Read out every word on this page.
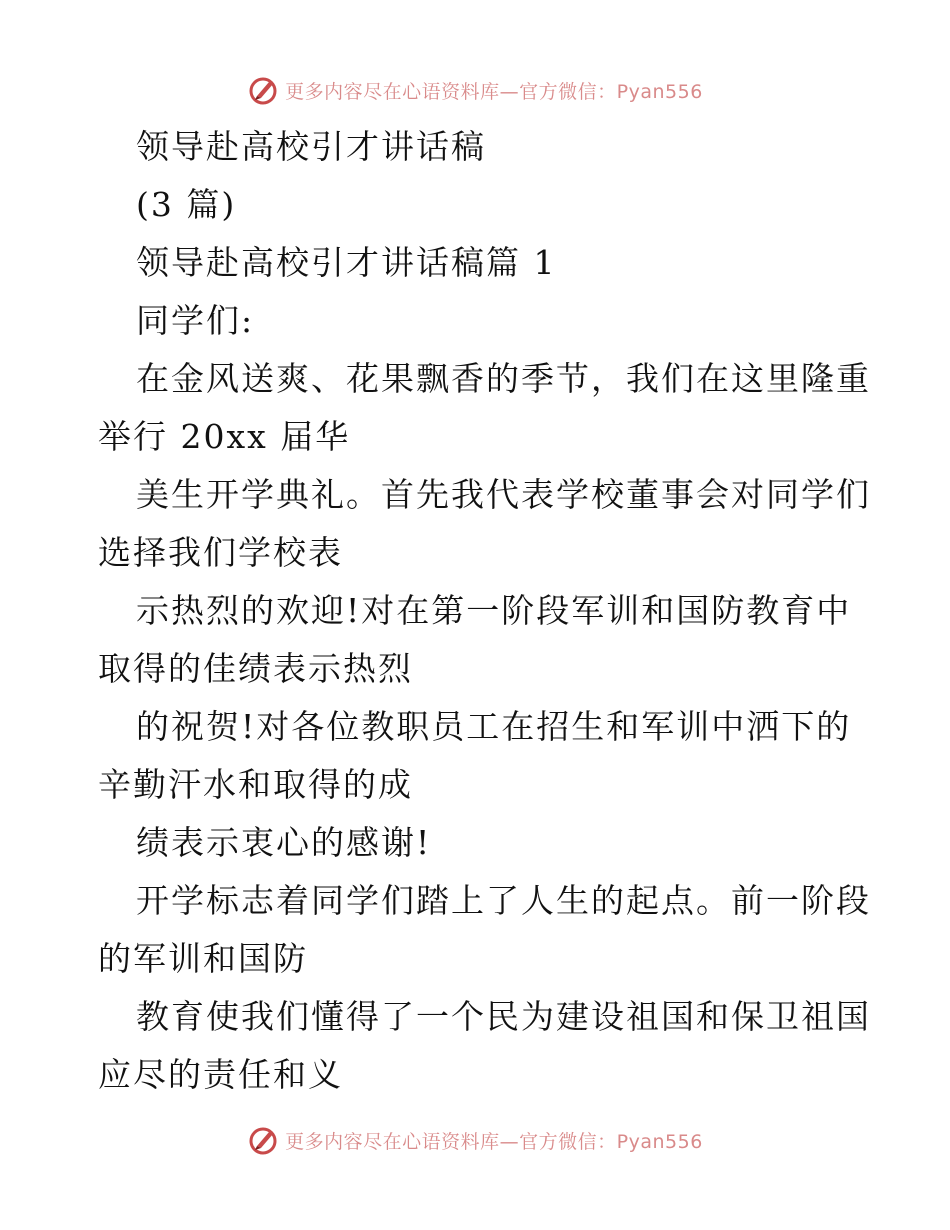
更多内容尽在心语资料库—官方微信：Pyan556
领导赴高校引才讲话稿
(3 篇)
领导赴高校引才讲话稿篇 1
同学们:
在金风送爽、花果飘香的季节，我们在这里隆重
举行 20xx 届华
美生开学典礼。首先我代表学校董事会对同学们
选择我们学校表
示热烈的欢迎!对在第一阶段军训和国防教育中
取得的佳绩表示热烈
的祝贺!对各位教职员工在招生和军训中洒下的
辛勤汗水和取得的成
绩表示衷心的感谢!
开学标志着同学们踏上了人生的起点。前一阶段
的军训和国防
教育使我们懂得了一个民为建设祖国和保卫祖国
应尽的责任和义
更多内容尽在心语资料库—官方微信：Pyan556
